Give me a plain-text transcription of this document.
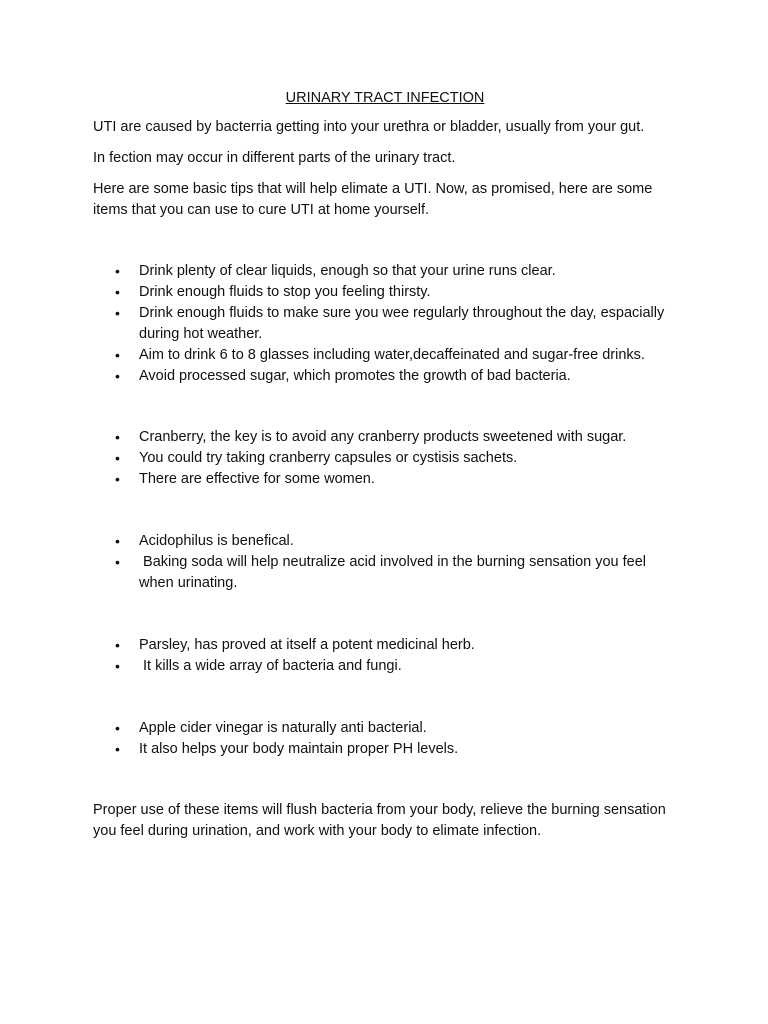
URINARY TRACT INFECTION

UTI are caused by bacterria getting into your urethra or bladder, usually from your gut.

In fection may occur in different parts of the urinary tract.

Here are some basic tips that will help elimate a UTI. Now, as promised, here are some items that you can use to cure UTI at home yourself.

• Drink plenty of clear liquids, enough so that your urine runs clear.
• Drink enough fluids to stop you feeling thirsty.
• Drink enough fluids to make sure you wee regularly throughout the day, espacially during hot weather.
• Aim to drink 6 to 8 glasses including water,decaffeinated and sugar-free drinks.
• Avoid processed sugar, which promotes the growth of bad bacteria.
• Cranberry, the key is to avoid any cranberry products sweetened with sugar.
• You could try taking cranberry capsules or cystisis sachets.
• There are effective for some women.
• Acidophilus is benefical.
• Baking soda will help neutralize acid involved in the burning sensation you feel when urinating.
• Parsley, has proved at itself a potent medicinal herb.
• It kills a wide array of bacteria and fungi.
• Apple cider vinegar is naturally anti bacterial.
• It also helps your body maintain proper PH levels.

Proper use of these items will flush bacteria from your body, relieve the burning sensation you feel during urination, and work with your body to elimate infection.
